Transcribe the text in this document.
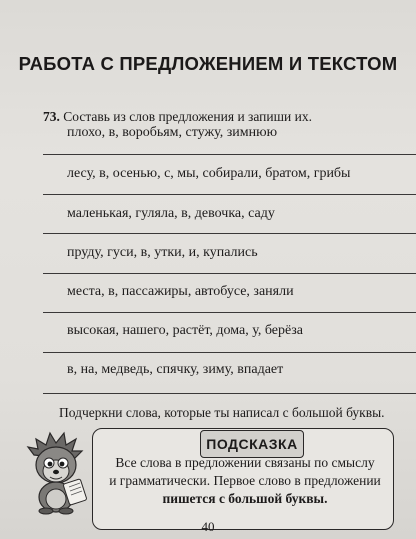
РАБОТА С ПРЕДЛОЖЕНИЕМ И ТЕКСТОМ
73. Составь из слов предложения и запиши их.
плохо, в, воробьям, стужу, зимнюю
лесу, в, осенью, с, мы, собирали, братом, грибы
маленькая, гуляла, в, девочка, саду
пруду, гуси, в, утки, и, купались
места, в, пассажиры, автобусе, заняли
высокая, нашего, растёт, дома, у, берёза
в, на, медведь, спячку, зиму, впадает
Подчеркни слова, которые ты написал с большой буквы.
ПОДСКАЗКА
Все слова в предложении связаны по смыслу
и грамматически. Первое слово в предложении
пишется с большой буквы.
40
